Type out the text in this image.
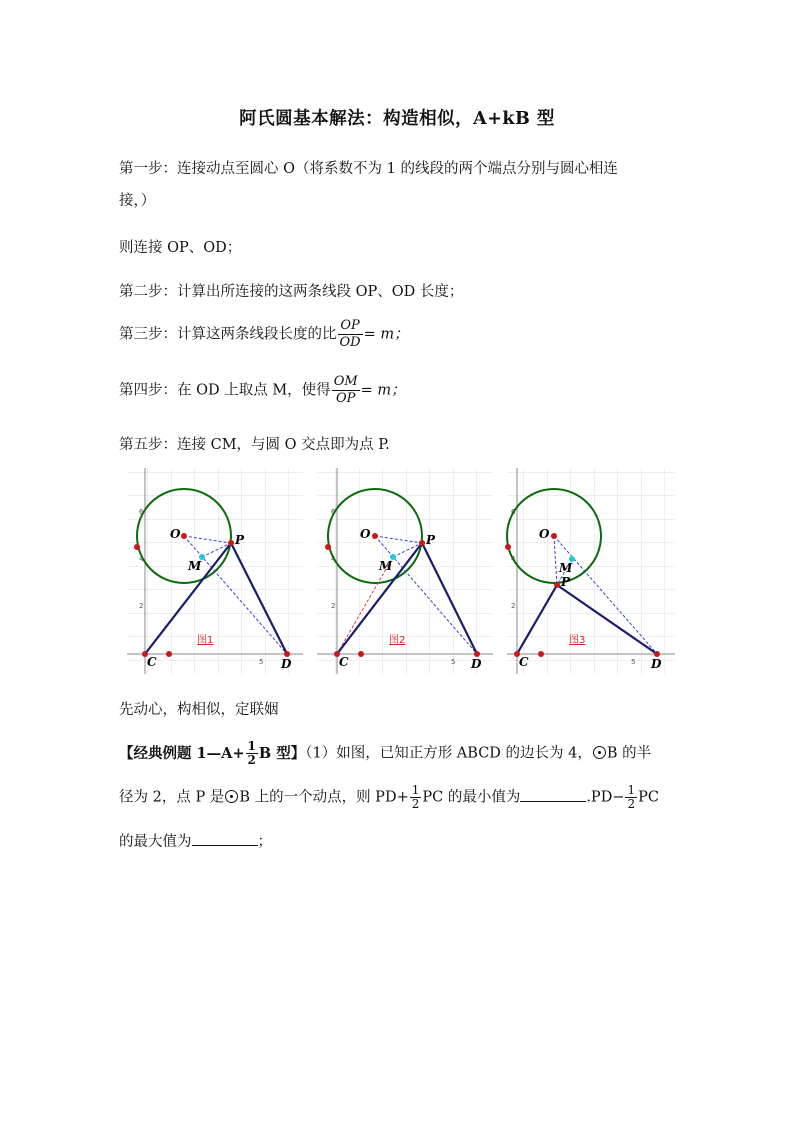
阿氏圆基本解法：构造相似，A+kB 型
第一步：连接动点至圆心 O（将系数不为 1 的线段的两个端点分别与圆心相连
接，）
则连接 OP、OD；
第二步：计算出所连接的这两条线段 OP、OD 长度；
第三步：计算这两条线段长度的比 $\frac{OP}{OD} = m$；
第四步：在 OD 上取点 M，使得 $\frac{OM}{OP} = m$；
第五步：连接 CM，与圆 O 交点即为点 P.
6
4
2
5
O	P
M
C	D
图1
6
4
2
5
O	P
M
C	D
图2
6
4
2
5
O
P
M
C	D
图3
先动心，构相似，定联姻
【经典例题 1—A+ $\frac{1}{2}$ B 型】（1）如图，已知正方形 ABCD 的边长为 4， B 的半
径为 2，点 P 是 B 上的一个动点，则 $PD+ \frac{1}{2}$ PC 的最小值为	$.PD- \frac{1}{2}$ PC
的最大值为	；
